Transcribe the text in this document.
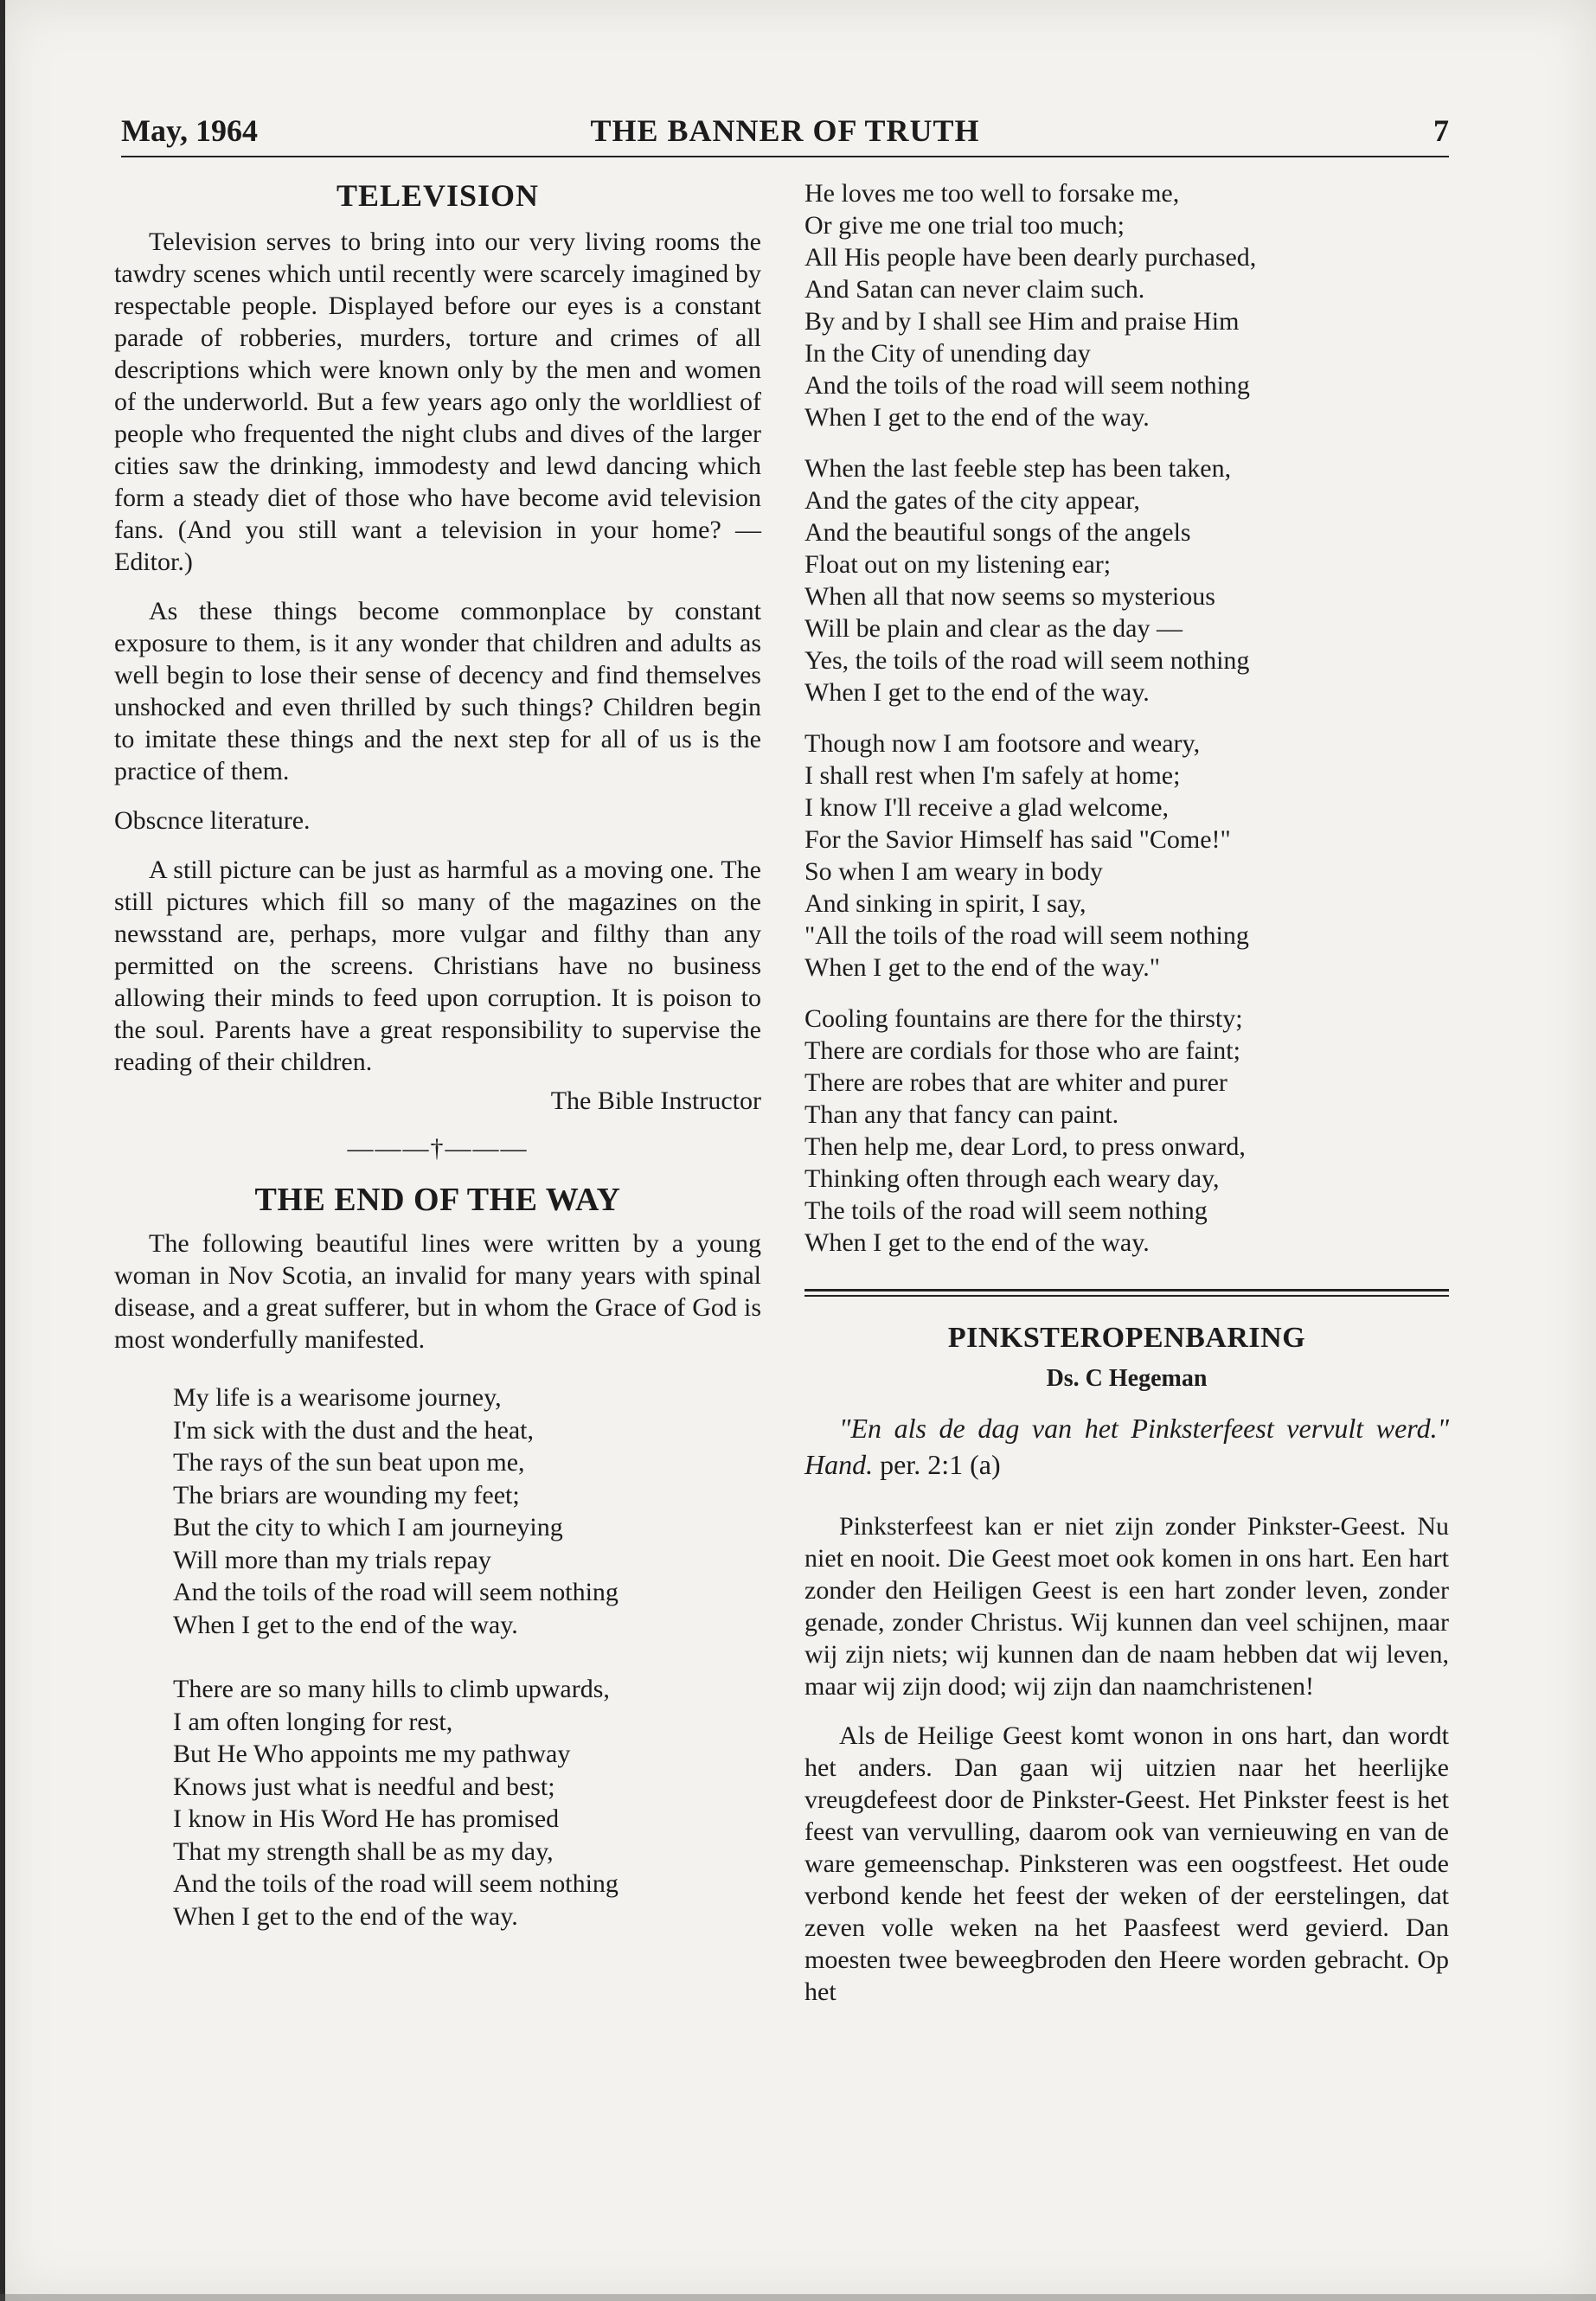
May, 1964	THE BANNER OF TRUTH	7
TELEVISION

Television serves to bring into our very living rooms the tawdry scenes which until recently were scarcely imagined by respectable people. Displayed before our eyes is a constant parade of robberies, murders, torture and crimes of all descriptions which were known only by the men and women of the underworld. But a few years ago only the worldliest of people who frequented the night clubs and dives of the larger cities saw the drinking, immodesty and lewd dancing which form a steady diet of those who have become avid television fans. (And you still want a television in your home? — Editor.)

As these things become commonplace by constant exposure to them, is it any wonder that children and adults as well begin to lose their sense of decency and find themselves unshocked and even thrilled by such things? Children begin to imitate these things and the next step for all of us is the practice of them.

Obscnce literature.

A still picture can be just as harmful as a moving one. The still pictures which fill so many of the magazines on the newsstand are, perhaps, more vulgar and filthy than any permitted on the screens. Christians have no business allowing their minds to feed upon corruption. It is poison to the soul. Parents have a great responsibility to supervise the reading of their children.

The Bible Instructor
———†———
THE END OF THE WAY

The following beautiful lines were written by a young woman in Nov Scotia, an invalid for many years with spinal disease, and a great sufferer, but in whom the Grace of God is most wonderfully manifested.

My life is a wearisome journey,
I'm sick with the dust and the heat,
The rays of the sun beat upon me,
The briars are wounding my feet;
But the city to which I am journeying
Will more than my trials repay
And the toils of the road will seem nothing
When I get to the end of the way.
There are so many hills to climb upwards,
I am often longing for rest,
But He Who appoints me my pathway
Knows just what is needful and best;
I know in His Word He has promised
That my strength shall be as my day,
And the toils of the road will seem nothing
When I get to the end of the way.
He loves me too well to forsake me,
Or give me one trial too much;
All His people have been dearly purchased,
And Satan can never claim such.
By and by I shall see Him and praise Him
In the City of unending day
And the toils of the road will seem nothing
When I get to the end of the way.
When the last feeble step has been taken,
And the gates of the city appear,
And the beautiful songs of the angels
Float out on my listening ear;
When all that now seems so mysterious
Will be plain and clear as the day —
Yes, the toils of the road will seem nothing
When I get to the end of the way.
Though now I am footsore and weary,
I shall rest when I'm safely at home;
I know I'll receive a glad welcome,
For the Savior Himself has said "Come!"
So when I am weary in body
And sinking in spirit, I say,
"All the toils of the road will seem nothing
When I get to the end of the way."
Cooling fountains are there for the thirsty;
There are cordials for those who are faint;
There are robes that are whiter and purer
Than any that fancy can paint.
Then help me, dear Lord, to press onward,
Thinking often through each weary day,
The toils of the road will seem nothing
When I get to the end of the way.
PINKSTEROPENBARING
Ds. C Hegeman

"En als de dag van het Pinksterfeest vervult werd." Hand. per. 2:1 (a)

Pinksterfeest kan er niet zijn zonder Pinkster-Geest. Nu niet en nooit. Die Geest moet ook komen in ons hart. Een hart zonder den Heiligen Geest is een hart zonder leven, zonder genade, zonder Christus. Wij kunnen dan veel schijnen, maar wij zijn niets; wij kunnen dan de naam hebben dat wij leven, maar wij zijn dood; wij zijn dan naamchristenen!

Als de Heilige Geest komt wonon in ons hart, dan wordt het anders. Dan gaan wij uitzien naar het heerlijke vreugdefeest door de Pinkster-Geest. Het Pinkster feest is het feest van vervulling, daarom ook van vernieuwing en van de ware gemeenschap. Pinksteren was een oogstfeest. Het oude verbond kende het feest der weken of der eerstelingen, dat zeven volle weken na het Paasfeest werd gevierd. Dan moesten twee beweegbroden den Heere worden gebracht. Op het
